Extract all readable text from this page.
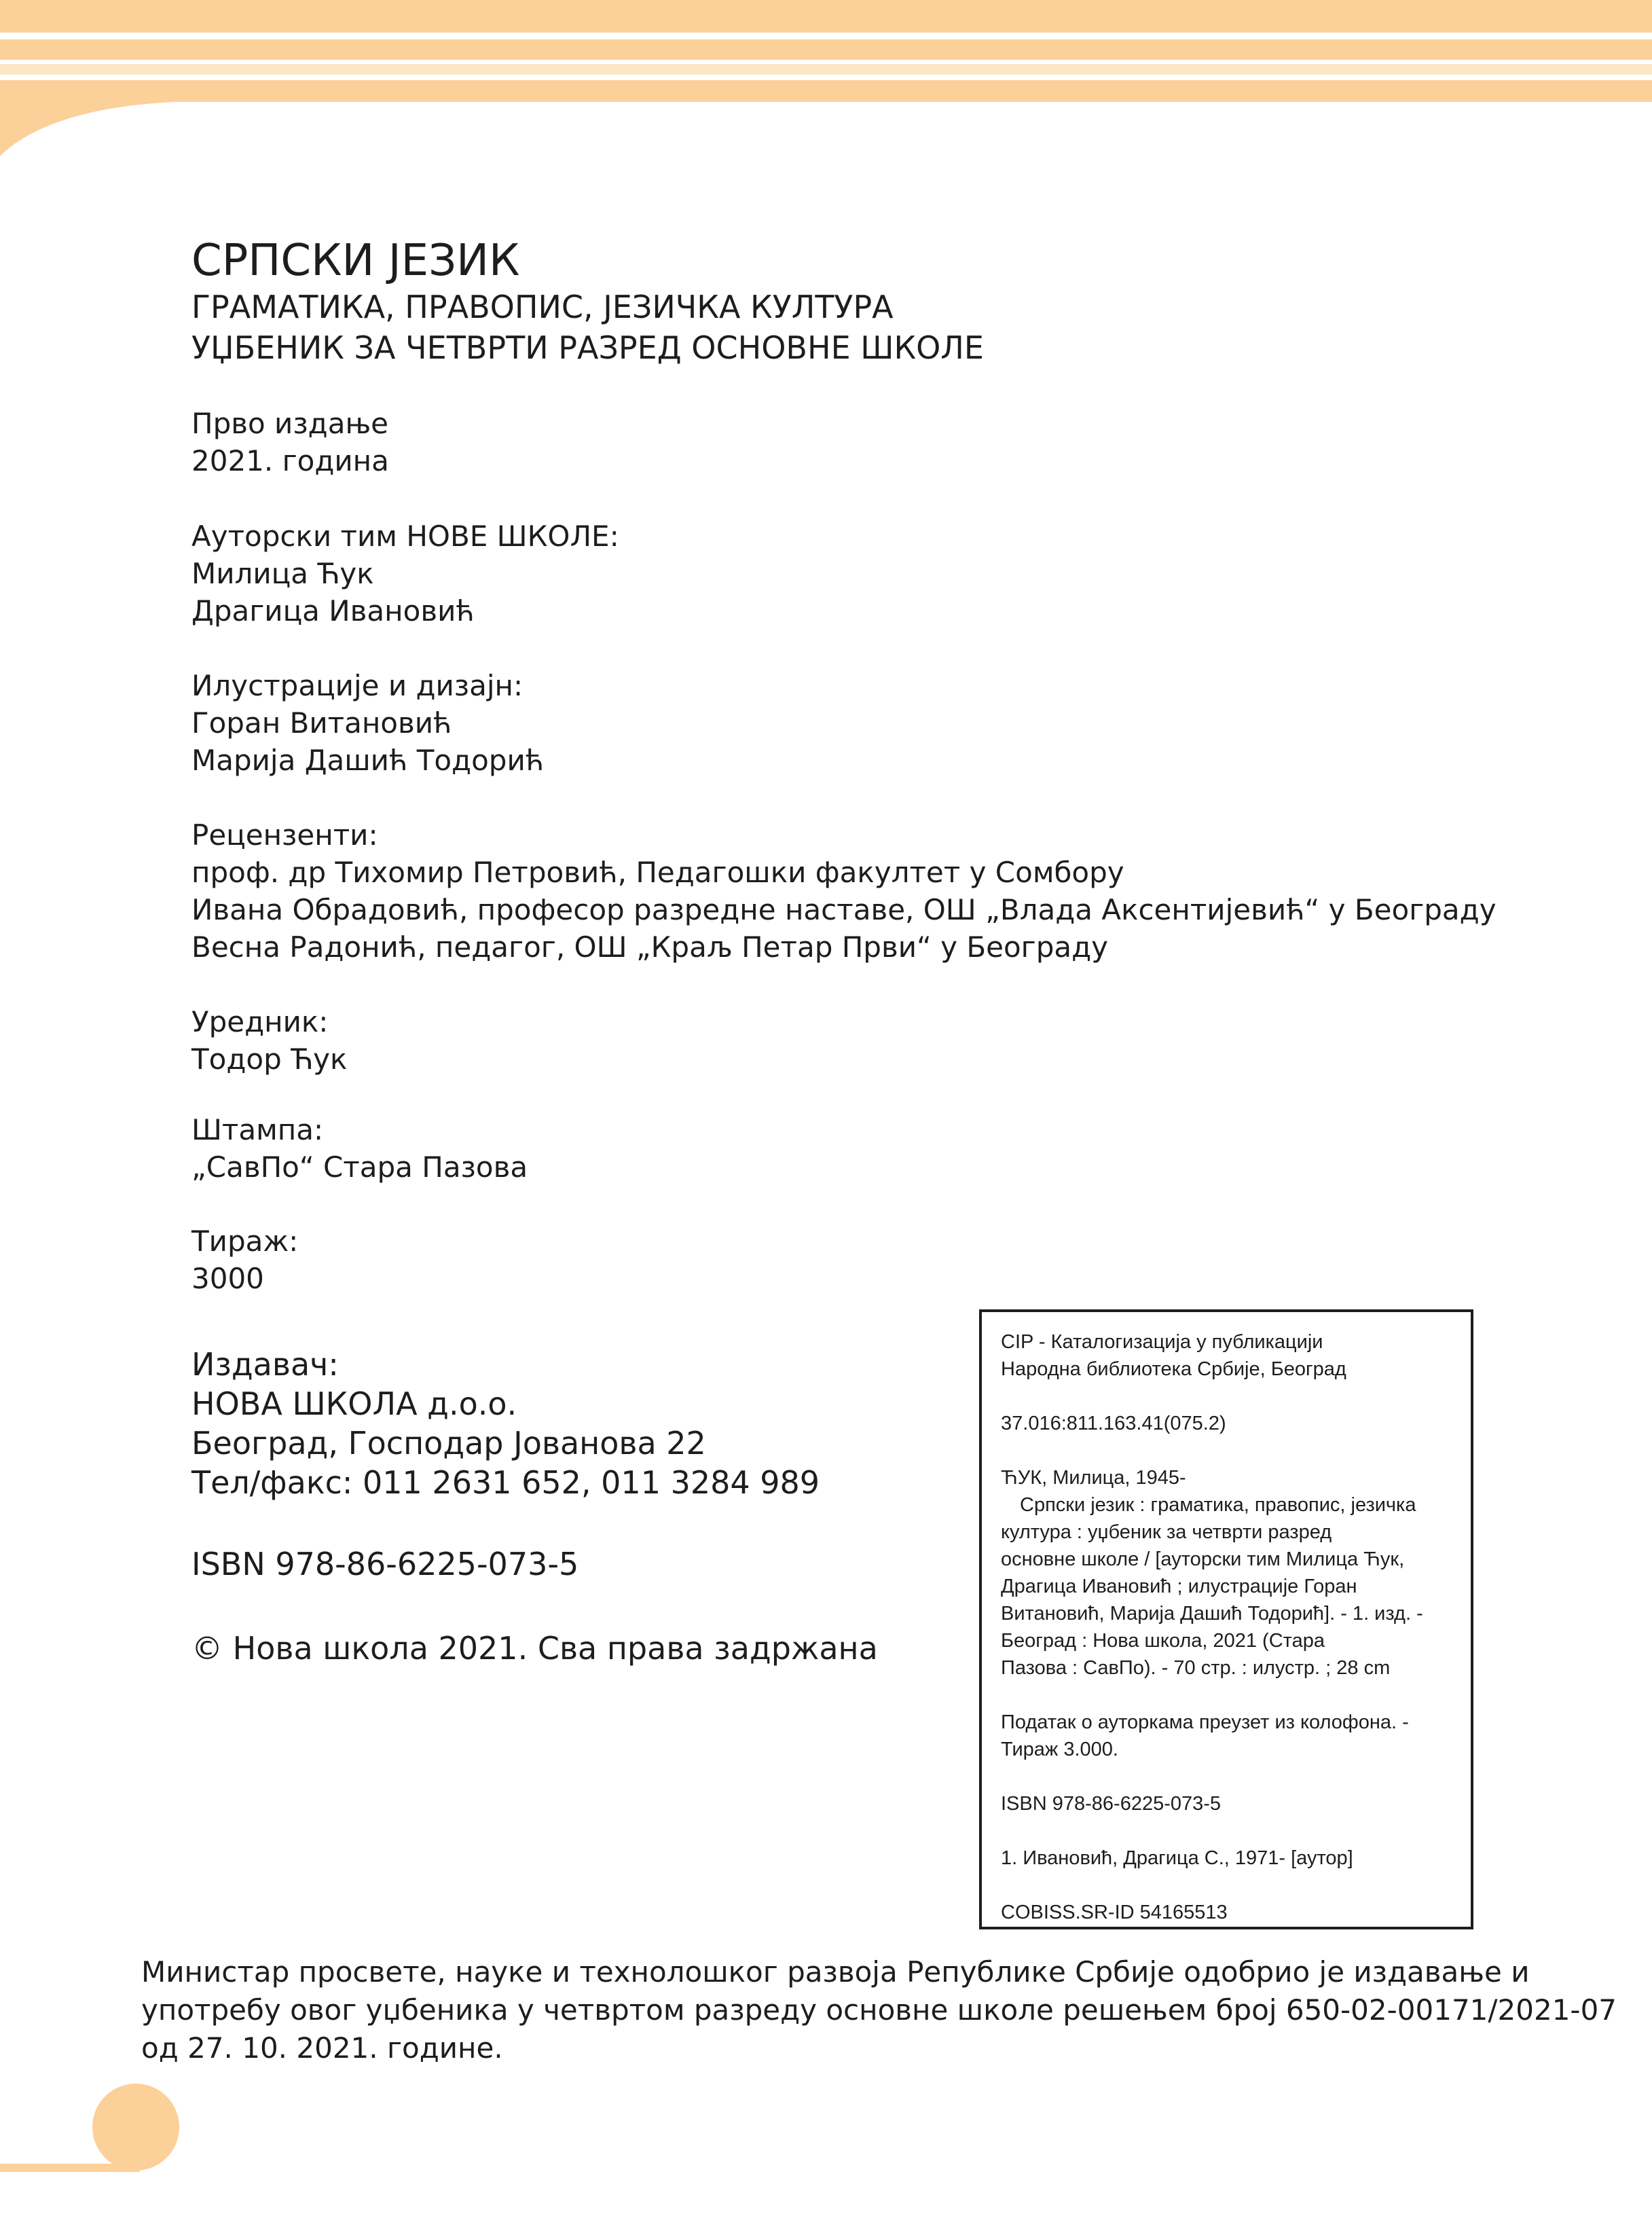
СРПСКИ ЈЕЗИК
ГРАМАТИКА, ПРАВОПИС, ЈЕЗИЧКА КУЛТУРА
УЏБЕНИК ЗА ЧЕТВРТИ РАЗРЕД ОСНОВНЕ ШКОЛЕ
Прво издање
2021. година
Ауторски тим НОВЕ ШКОЛЕ:
Милица Ћук
Драгица Ивановић
Илустрације и дизајн:
Горан Витановић
Марија Дашић Тодорић
Рецензенти:
проф. др Тихомир Петровић, Педагошки факултет у Сомбору
Ивана Обрадовић, професор разредне наставе, ОШ „Влада Аксентијевић“ у Београду
Весна Радонић, педагог, ОШ „Краљ Петар Први“ у Београду
Уредник:
Тодор Ћук
Штампа:
„СавПо“ Стара Пазова
Тираж:
3000
Издавач:
НОВА ШКОЛА д.о.о.
Београд, Господар Јованова 22
Тел/факс: 011 2631 652, 011 3284 989
ISBN 978-86-6225-073-5
© Нова школа 2021. Сва права задржана
CIP - Каталогизација у публикацији
Народна библиотека Србије, Београд
37.016:811.163.41(075.2)
ЋУК, Милица, 1945-
Српски језик : граматика, правопис, језичка
култура : уџбеник за четврти разред
основне школе / [ауторски тим Милица Ћук,
Драгица Ивановић ; илустрације Горан
Витановић, Марија Дашић Тодорић]. - 1. изд. -
Београд : Нова школа, 2021 (Стара
Пазова : СавПо). - 70 стр. : илустр. ; 28 cm
Податак о ауторкама преузет из колофона. -
Тираж 3.000.
ISBN 978-86-6225-073-5
1. Ивановић, Драгица С., 1971- [аутор]
COBISS.SR-ID 54165513
Министар просвете, науке и технолошког развоја Републике Србије одобрио је издавање и
употребу овог уџбеника у четвртом разреду основне школе решењем број 650-02-00171/2021-07
од 27. 10. 2021. године.
